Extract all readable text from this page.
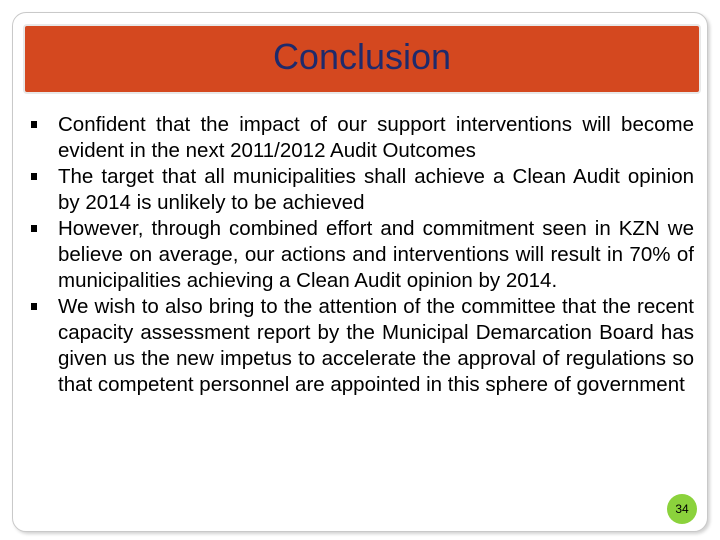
Conclusion
Confident that the impact of our support interventions will become evident in the next 2011/2012 Audit Outcomes
The target that all municipalities shall achieve a Clean Audit opinion by 2014 is unlikely to be achieved
However, through combined effort and commitment seen in KZN we believe on average, our actions and interventions will result in 70% of municipalities achieving a Clean Audit opinion by 2014.
We wish to also bring to the attention of the committee that the recent capacity assessment report by the Municipal Demarcation Board has given us the new impetus to accelerate the approval of regulations so that competent personnel are appointed in this sphere of government
34
